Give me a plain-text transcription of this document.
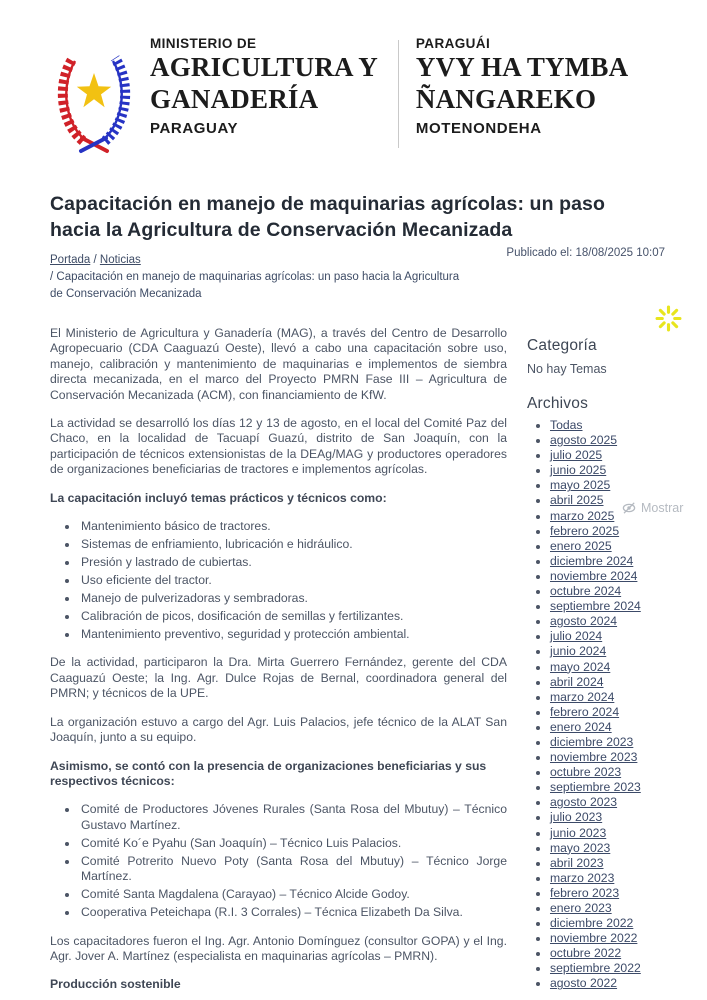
MINISTERIO DE
AGRICULTURA Y
GANADERÍA
PARAGUAY
PARAGUÁI
YVY HA TYMBA
ÑANGAREKO
MOTENONDEHA
Capacitación en manejo de maquinarias agrícolas: un paso hacia la Agricultura de Conservación Mecanizada
Portada / Noticias
/ Capacitación en manejo de maquinarias agrícolas: un paso hacia la Agricultura de Conservación Mecanizada
Publicado el: 18/08/2025 10:07

El Ministerio de Agricultura y Ganadería (MAG), a través del Centro de Desarrollo Agropecuario (CDA Caaguazú Oeste), llevó a cabo una capacitación sobre uso, manejo, calibración y mantenimiento de maquinarias e implementos de siembra directa mecanizada, en el marco del Proyecto PMRN Fase III – Agricultura de Conservación Mecanizada (ACM), con financiamiento de KfW.

La actividad se desarrolló los días 12 y 13 de agosto, en el local del Comité Paz del Chaco, en la localidad de Tacuapí Guazú, distrito de San Joaquín, con la participación de técnicos extensionistas de la DEAg/MAG y productores operadores de organizaciones beneficiarias de tractores e implementos agrícolas.

La capacitación incluyó temas prácticos y técnicos como:

• Mantenimiento básico de tractores.
• Sistemas de enfriamiento, lubricación e hidráulico.
• Presión y lastrado de cubiertas.
• Uso eficiente del tractor.
• Manejo de pulverizadoras y sembradoras.
• Calibración de picos, dosificación de semillas y fertilizantes.
• Mantenimiento preventivo, seguridad y protección ambiental.

De la actividad, participaron la Dra. Mirta Guerrero Fernández, gerente del CDA Caaguazú Oeste; la Ing. Agr. Dulce Rojas de Bernal, coordinadora general del PMRN; y técnicos de la UPE.

La organización estuvo a cargo del Agr. Luis Palacios, jefe técnico de la ALAT San Joaquín, junto a su equipo.

Asimismo, se contó con la presencia de organizaciones beneficiarias y sus respectivos técnicos:

• Comité de Productores Jóvenes Rurales (Santa Rosa del Mbutuy) – Técnico Gustavo Martínez.
• Comité Ko´e Pyahu (San Joaquín) – Técnico Luis Palacios.
• Comité Potrerito Nuevo Poty (Santa Rosa del Mbutuy) – Técnico Jorge Martínez.
• Comité Santa Magdalena (Carayao) – Técnico Alcide Godoy.
• Cooperativa Peteichapa (R.I. 3 Corrales) – Técnica Elizabeth Da Silva.

Los capacitadores fueron el Ing. Agr. Antonio Domínguez (consultor GOPA) y el Ing. Agr. Jover A. Martínez (especialista en maquinarias agrícolas – PMRN).

Producción sostenible

Categoría
No hay Temas
Archivos
• Todas
• agosto 2025
• julio 2025
• junio 2025
• mayo 2025
• abril 2025
• marzo 2025
• febrero 2025
• enero 2025
• diciembre 2024
• noviembre 2024
• octubre 2024
• septiembre 2024
• agosto 2024
• julio 2024
• junio 2024
• mayo 2024
• abril 2024
• marzo 2024
• febrero 2024
• enero 2024
• diciembre 2023
• noviembre 2023
• octubre 2023
• septiembre 2023
• agosto 2023
• julio 2023
• junio 2023
• mayo 2023
• abril 2023
• marzo 2023
• febrero 2023
• enero 2023
• diciembre 2022
• noviembre 2022
• octubre 2022
• septiembre 2022
• agosto 2022
Mostrar
